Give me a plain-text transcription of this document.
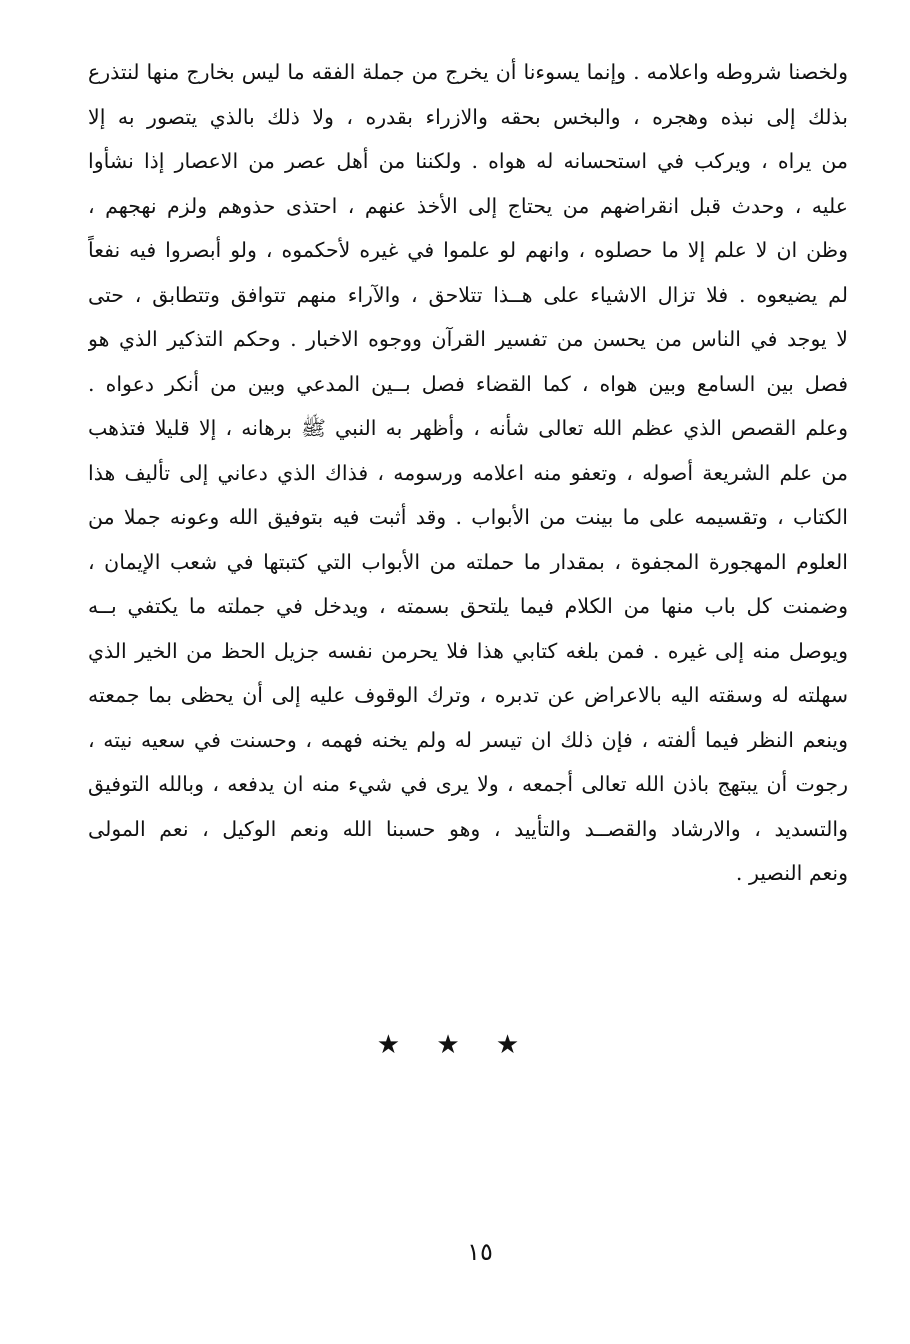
ولخصنا شروطه واعلامه . وإنما يسوءنا أن يخرج من جملة الفقه ما ليس بخارج منها لنتذرع
بذلك إلى نبذه وهجره ، والبخس بحقه والازراء بقدره ، ولا ذلك بالذي يتصور به إلا
من يراه ، ويركب في استحسانه له هواه . ولكننا من أهل عصر من الاعصار إذا نشأوا
عليه ، وحدث قبل انقراضهم من يحتاج إلى الأخذ عنهم ، احتذى حذوهم ولزم نهجهم ،
وظن ان لا علم إلا ما حصلوه ، وانهم لو علموا في غيره لأحكموه ، ولو أبصروا فيه نفعاً
لم يضيعوه . فلا تزال الاشياء على هــذا تتلاحق ، والآراء منهم تتوافق وتتطابق ، حتى
لا يوجد في الناس من يحسن من تفسير القرآن ووجوه الاخبار . وحكم التذكير الذي هو
فصل بين السامع وبين هواه ، كما القضاء فصل بــين المدعي وبين من أنكر دعواه .
وعلم القصص الذي عظم الله تعالى شأنه ، وأظهر به النبي ﷺ برهانه ، إلا قليلا فتذهب
من علم الشريعة أصوله ، وتعفو منه اعلامه ورسومه ، فذاك الذي دعاني إلى تأليف هذا
الكتاب ، وتقسيمه على ما بينت من الأبواب . وقد أثبت فيه بتوفيق الله وعونه جملا من
العلوم المهجورة المجفوة ، بمقدار ما حملته من الأبواب التي كتبتها في شعب الإيمان ،
وضمنت كل باب منها من الكلام فيما يلتحق بسمته ، ويدخل في جملته ما يكتفي بــه
ويوصل منه إلى غيره . فمن بلغه كتابي هذا فلا يحرمن نفسه جزيل الحظ من الخير الذي
سهلته له وسقته اليه بالاعراض عن تدبره ، وترك الوقوف عليه إلى أن يحظى بما جمعته
وينعم النظر فيما ألفته ، فإن ذلك ان تيسر له ولم يخنه فهمه ، وحسنت في سعيه نيته ،
رجوت أن يبتهج باذن الله تعالى أجمعه ، ولا يرى في شيء منه ان يدفعه ، وبالله التوفيق
والتسديد ، والارشاد والقصــد والتأييد ، وهو حسبنا الله ونعم الوكيل ، نعم المولى
ونعم النصير .
★ ★ ★
١٥
